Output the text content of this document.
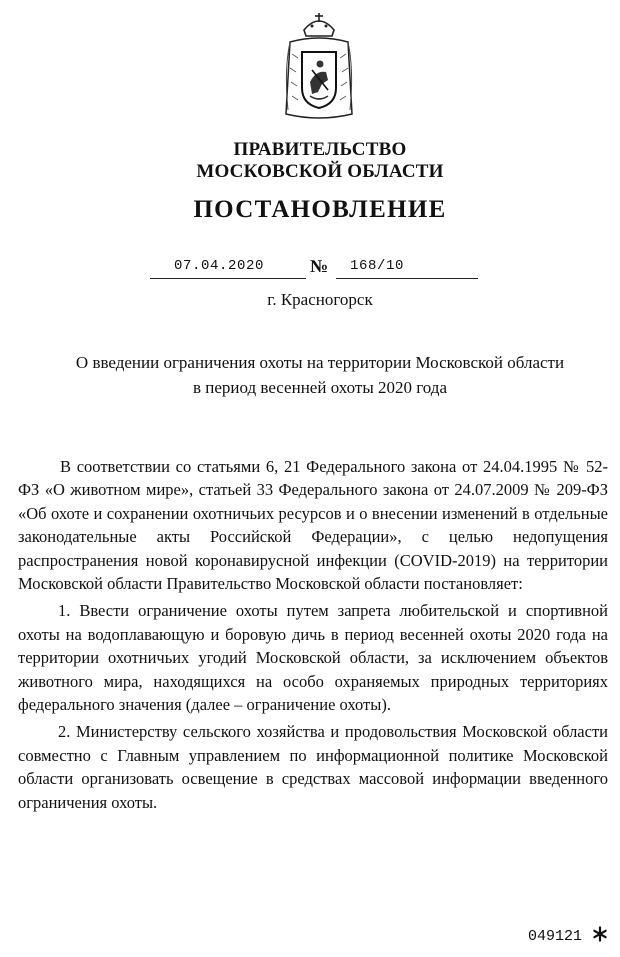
ПРАВИТЕЛЬСТВО
МОСКОВСКОЙ ОБЛАСТИ
ПОСТАНОВЛЕНИЕ
07.04.2020	№ 168/10
г. Красногорск
О введении ограничения охоты на территории Московской области
в период весенней охоты 2020 года

В соответствии со статьями 6, 21 Федерального закона от 24.04.1995 № 52-ФЗ «О животном мире», статьей 33 Федерального закона от 24.07.2009 № 209-ФЗ «Об охоте и сохранении охотничьих ресурсов и о внесении изменений в отдельные законодательные акты Российской Федерации», с целью недопущения распространения новой коронавирусной инфекции (COVID-2019) на территории Московской области Правительство Московской области постановляет:

1. Ввести ограничение охоты путем запрета любительской и спортивной охоты на водоплавающую и боровую дичь в период весенней охоты 2020 года на территории охотничьих угодий Московской области, за исключением объектов животного мира, находящихся на особо охраняемых природных территориях федерального значения (далее – ограничение охоты).

2. Министерству сельского хозяйства и продовольствия Московской области совместно с Главным управлением по информационной политике Московской области организовать освещение в средствах массовой информации введенного ограничения охоты.

049121
